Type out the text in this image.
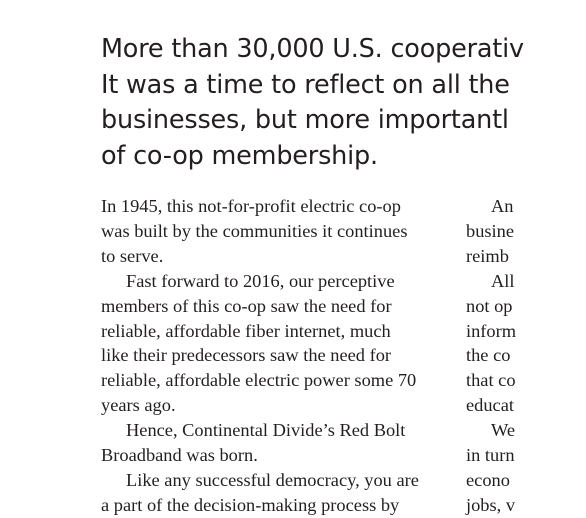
More than 30,000 U.S. cooperativ
It was a time to reflect on all the
businesses, but more importantl
of co-op membership.
In 1945, this not-for-profit electric co-op
was built by the communities it continues
to serve.
Fast forward to 2016, our perceptive
members of this co-op saw the need for
reliable, affordable fiber internet, much
like their predecessors saw the need for
reliable, affordable electric power some 70
years ago.
Hence, Continental Divide’s Red Bolt
Broadband was born.
Like any successful democracy, you are
a part of the decision-making process by
An
busine
reimb
All
not op
inform
the co
that co
educat
We
in turn
econo
jobs, v
